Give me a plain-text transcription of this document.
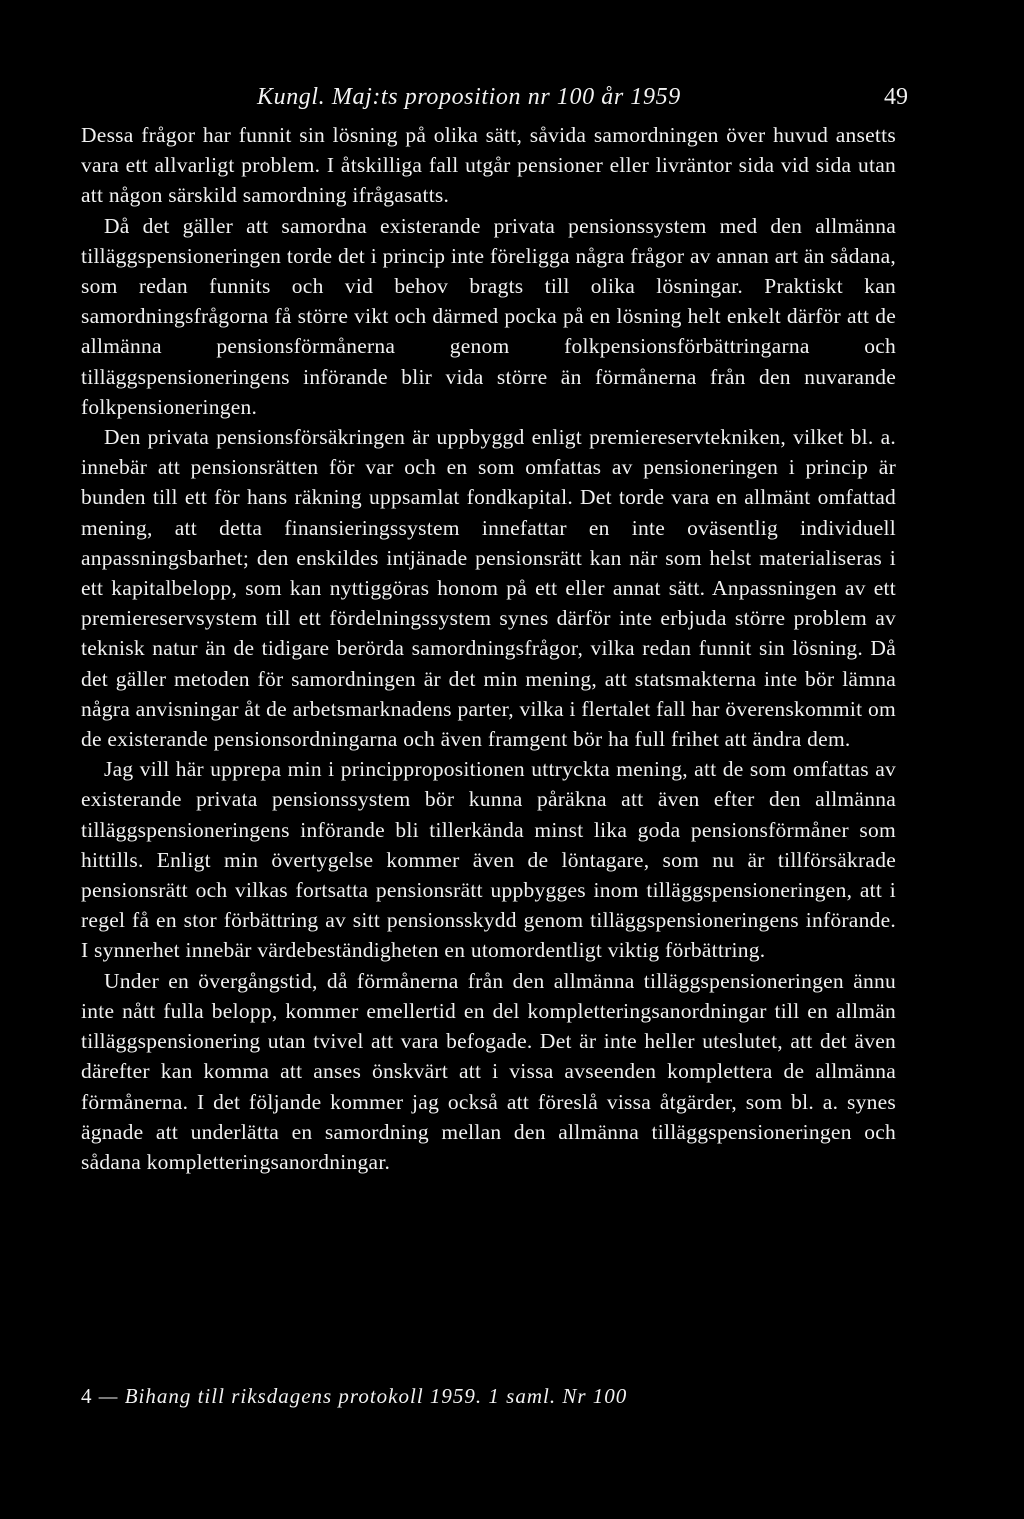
Kungl. Maj:ts proposition nr 100 år 1959	49

Dessa frågor har funnit sin lösning på olika sätt, såvida samordningen över huvud ansetts vara ett allvarligt problem. I åtskilliga fall utgår pensioner eller livräntor sida vid sida utan att någon särskild samordning ifrågasatts.

Då det gäller att samordna existerande privata pensionssystem med den allmänna tilläggspensioneringen torde det i princip inte föreligga några frågor av annan art än sådana, som redan funnits och vid behov bragts till olika lösningar. Praktiskt kan samordningsfrågorna få större vikt och därmed pocka på en lösning helt enkelt därför att de allmänna pensionsförmånerna genom folkpensionsförbättringarna och tilläggspensioneringens införande blir vida större än förmånerna från den nuvarande folkpensioneringen.

Den privata pensionsförsäkringen är uppbyggd enligt premiereservtekniken, vilket bl. a. innebär att pensionsrätten för var och en som omfattas av pensioneringen i princip är bunden till ett för hans räkning uppsamlat fondkapital. Det torde vara en allmänt omfattad mening, att detta finansieringssystem innefattar en inte oväsentlig individuell anpassningsbarhet; den enskildes intjänade pensionsrätt kan när som helst materialiseras i ett kapitalbelopp, som kan nyttiggöras honom på ett eller annat sätt. Anpassningen av ett premiereservsystem till ett fördelningssystem synes därför inte erbjuda större problem av teknisk natur än de tidigare berörda samordningsfrågor, vilka redan funnit sin lösning. Då det gäller metoden för samordningen är det min mening, att statsmakterna inte bör lämna några anvisningar åt de arbetsmarknadens parter, vilka i flertalet fall har överenskommit om de existerande pensionsordningarna och även framgent bör ha full frihet att ändra dem.

Jag vill här upprepa min i princippropositionen uttryckta mening, att de som omfattas av existerande privata pensionssystem bör kunna påräkna att även efter den allmänna tilläggspensioneringens införande bli tillerkända minst lika goda pensionsförmåner som hittills. Enligt min övertygelse kommer även de löntagare, som nu är tillförsäkrade pensionsrätt och vilkas fortsatta pensionsrätt uppbygges inom tilläggspensioneringen, att i regel få en stor förbättring av sitt pensionsskydd genom tilläggspensioneringens införande. I synnerhet innebär värdebeständigheten en utomordentligt viktig förbättring.

Under en övergångstid, då förmånerna från den allmänna tilläggspensioneringen ännu inte nått fulla belopp, kommer emellertid en del kompletteringsanordningar till en allmän tilläggspensionering utan tvivel att vara befogade. Det är inte heller uteslutet, att det även därefter kan komma att anses önskvärt att i vissa avseenden komplettera de allmänna förmånerna. I det följande kommer jag också att föreslå vissa åtgärder, som bl. a. synes ägnade att underlätta en samordning mellan den allmänna tilläggspensioneringen och sådana kompletteringsanordningar.

4 — Bihang till riksdagens protokoll 1959. 1 saml. Nr 100
